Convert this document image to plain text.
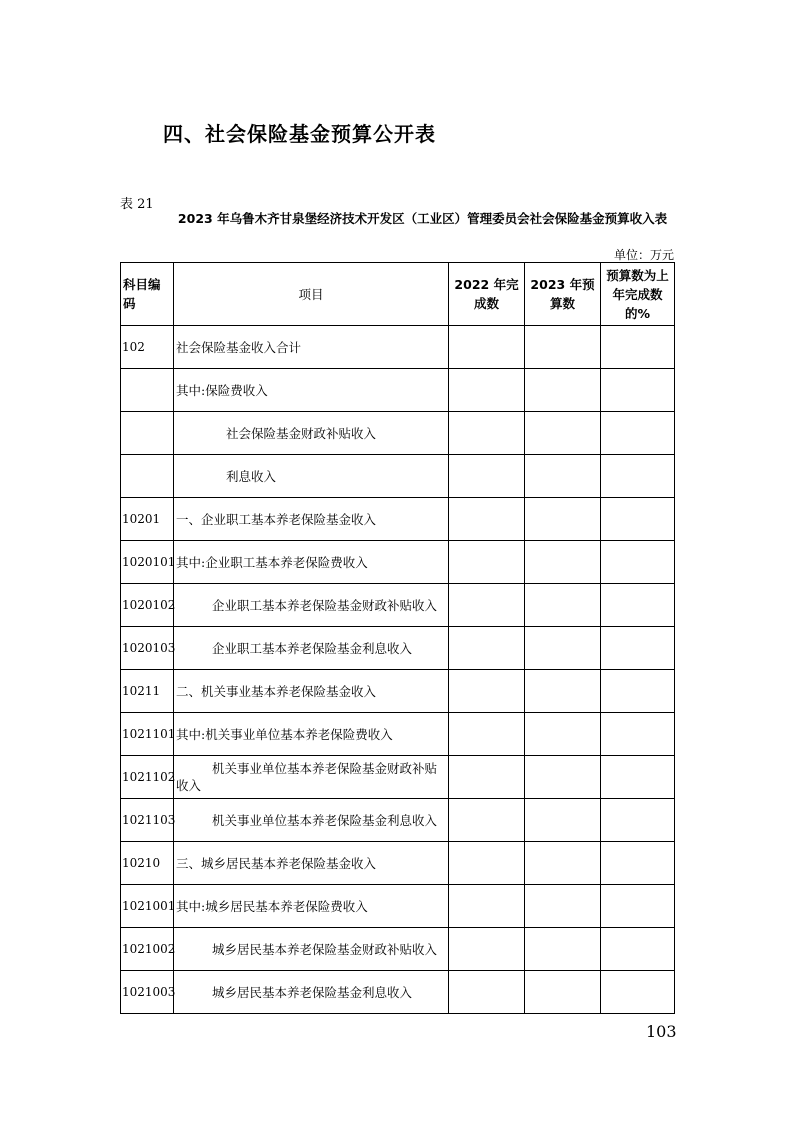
四、社会保险基金预算公开表
表 21
2023 年乌鲁木齐甘泉堡经济技术开发区（工业区）管理委员会社会保险基金预算收入表
单位：万元
科目编码	项目	2022 年完成数	2023 年预算数	预算数为上年完成数的%
102	社会保险基金收入合计			
	其中:保险费收入			
	社会保险基金财政补贴收入			
	利息收入			
10201	一、企业职工基本养老保险基金收入			
1020101	其中:企业职工基本养老保险费收入			
1020102	企业职工基本养老保险基金财政补贴收入			
1020103	企业职工基本养老保险基金利息收入			
10211	二、机关事业基本养老保险基金收入			
1021101	其中:机关事业单位基本养老保险费收入			
1021102	机关事业单位基本养老保险基金财政补贴收入			
1021103	机关事业单位基本养老保险基金利息收入			
10210	三、城乡居民基本养老保险基金收入			
1021001	其中:城乡居民基本养老保险费收入			
1021002	城乡居民基本养老保险基金财政补贴收入			
1021003	城乡居民基本养老保险基金利息收入			
103
